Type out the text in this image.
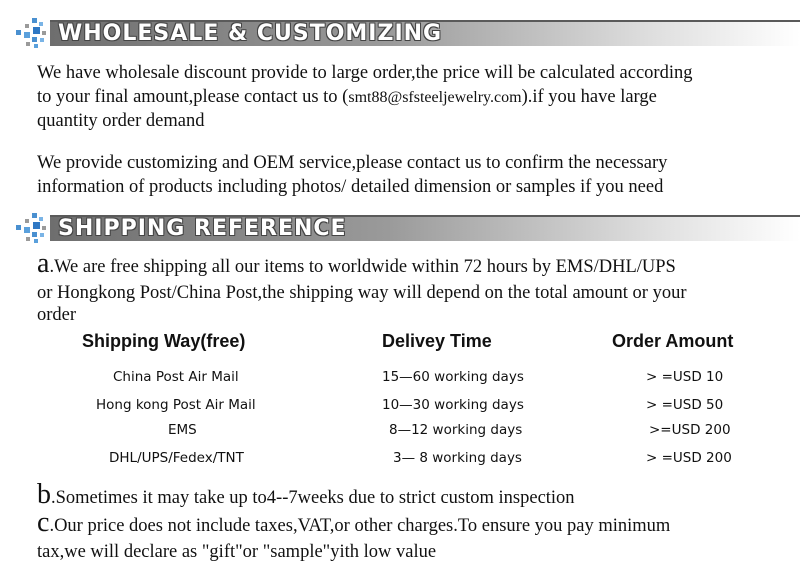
WHOLESALE & CUSTOMIZING
We have wholesale discount provide to large order,the price will be calculated according
to your final amount,please contact us to (smt88@sfsteeljewelry.com).if you have large
quantity order demand
We provide customizing and OEM service,please contact us to confirm the necessary
information of products including photos/ detailed dimension or samples if you need
SHIPPING REFERENCE
a.We are free shipping all our items to worldwide within 72 hours by EMS/DHL/UPS
or Hongkong Post/China Post,the shipping way will depend on the total amount or your
order
Shipping Way(free)	Delivey Time	Order Amount
China Post Air Mail	15—60 working days	> =USD 10
Hong kong Post Air Mail	10—30 working days	> =USD 50
EMS	8—12 working days	>=USD 200
DHL/UPS/Fedex/TNT	3— 8 working days	> =USD 200
b.Sometimes it may take up to4--7weeks due to strict custom inspection
c.Our price does not include taxes,VAT,or other charges.To ensure you pay minimum
tax,we will declare as "gift"or "sample"yith low value
